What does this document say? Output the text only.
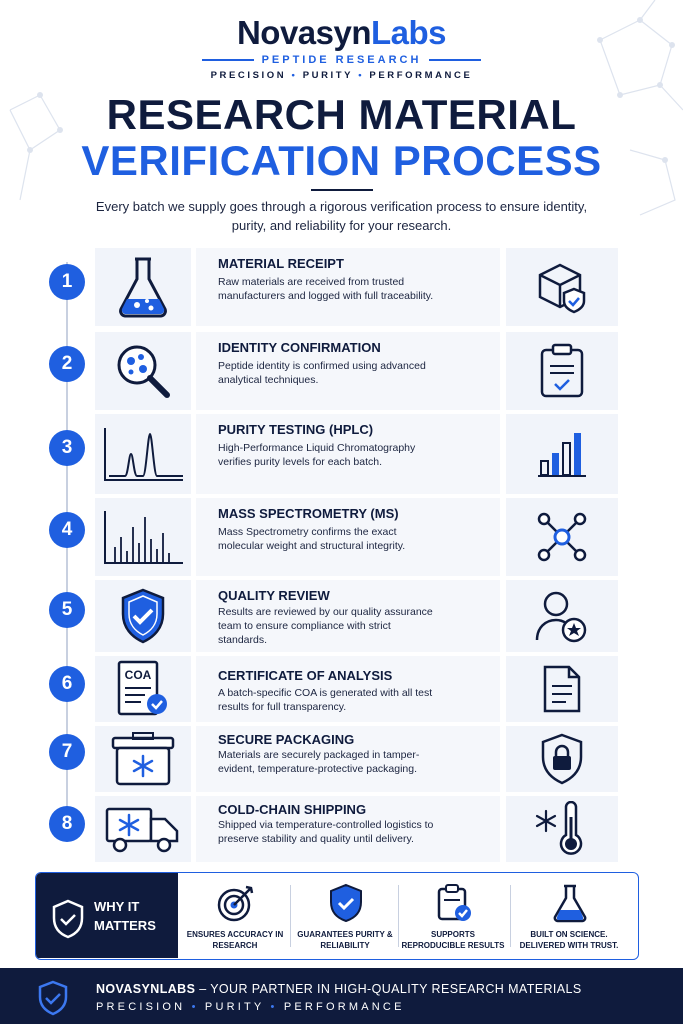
NovasynLabs
PEPTIDE RESEARCH
PRECISION • PURITY • PERFORMANCE
RESEARCH MATERIAL
VERIFICATION PROCESS
Every batch we supply goes through a rigorous verification process to ensure identity, purity, and reliability for your research.
1
MATERIAL RECEIPT
Raw materials are received from trusted manufacturers and logged with full traceability.
2
IDENTITY CONFIRMATION
Peptide identity is confirmed using advanced analytical techniques.
3
PURITY TESTING (HPLC)
High-Performance Liquid Chromatography verifies purity levels for each batch.
4
MASS SPECTROMETRY (MS)
Mass Spectrometry confirms the exact molecular weight and structural integrity.
5
QUALITY REVIEW
Results are reviewed by our quality assurance team to ensure compliance with strict standards.
6	COA	CERTIFICATE OF ANALYSIS
A batch-specific COA is generated with all test results for full transparency.
7
SECURE PACKAGING
Materials are securely packaged in tamper-evident, temperature-protective packaging.
8
COLD-CHAIN SHIPPING
Shipped via temperature-controlled logistics to preserve stability and quality until delivery.
WHY IT MATTERS
ENSURES ACCURACY IN RESEARCH
GUARANTEES PURITY & RELIABILITY
SUPPORTS REPRODUCIBLE RESULTS
BUILT ON SCIENCE. DELIVERED WITH TRUST.
NOVASYNLABS – YOUR PARTNER IN HIGH-QUALITY RESEARCH MATERIALS
PRECISION • PURITY • PERFORMANCE
